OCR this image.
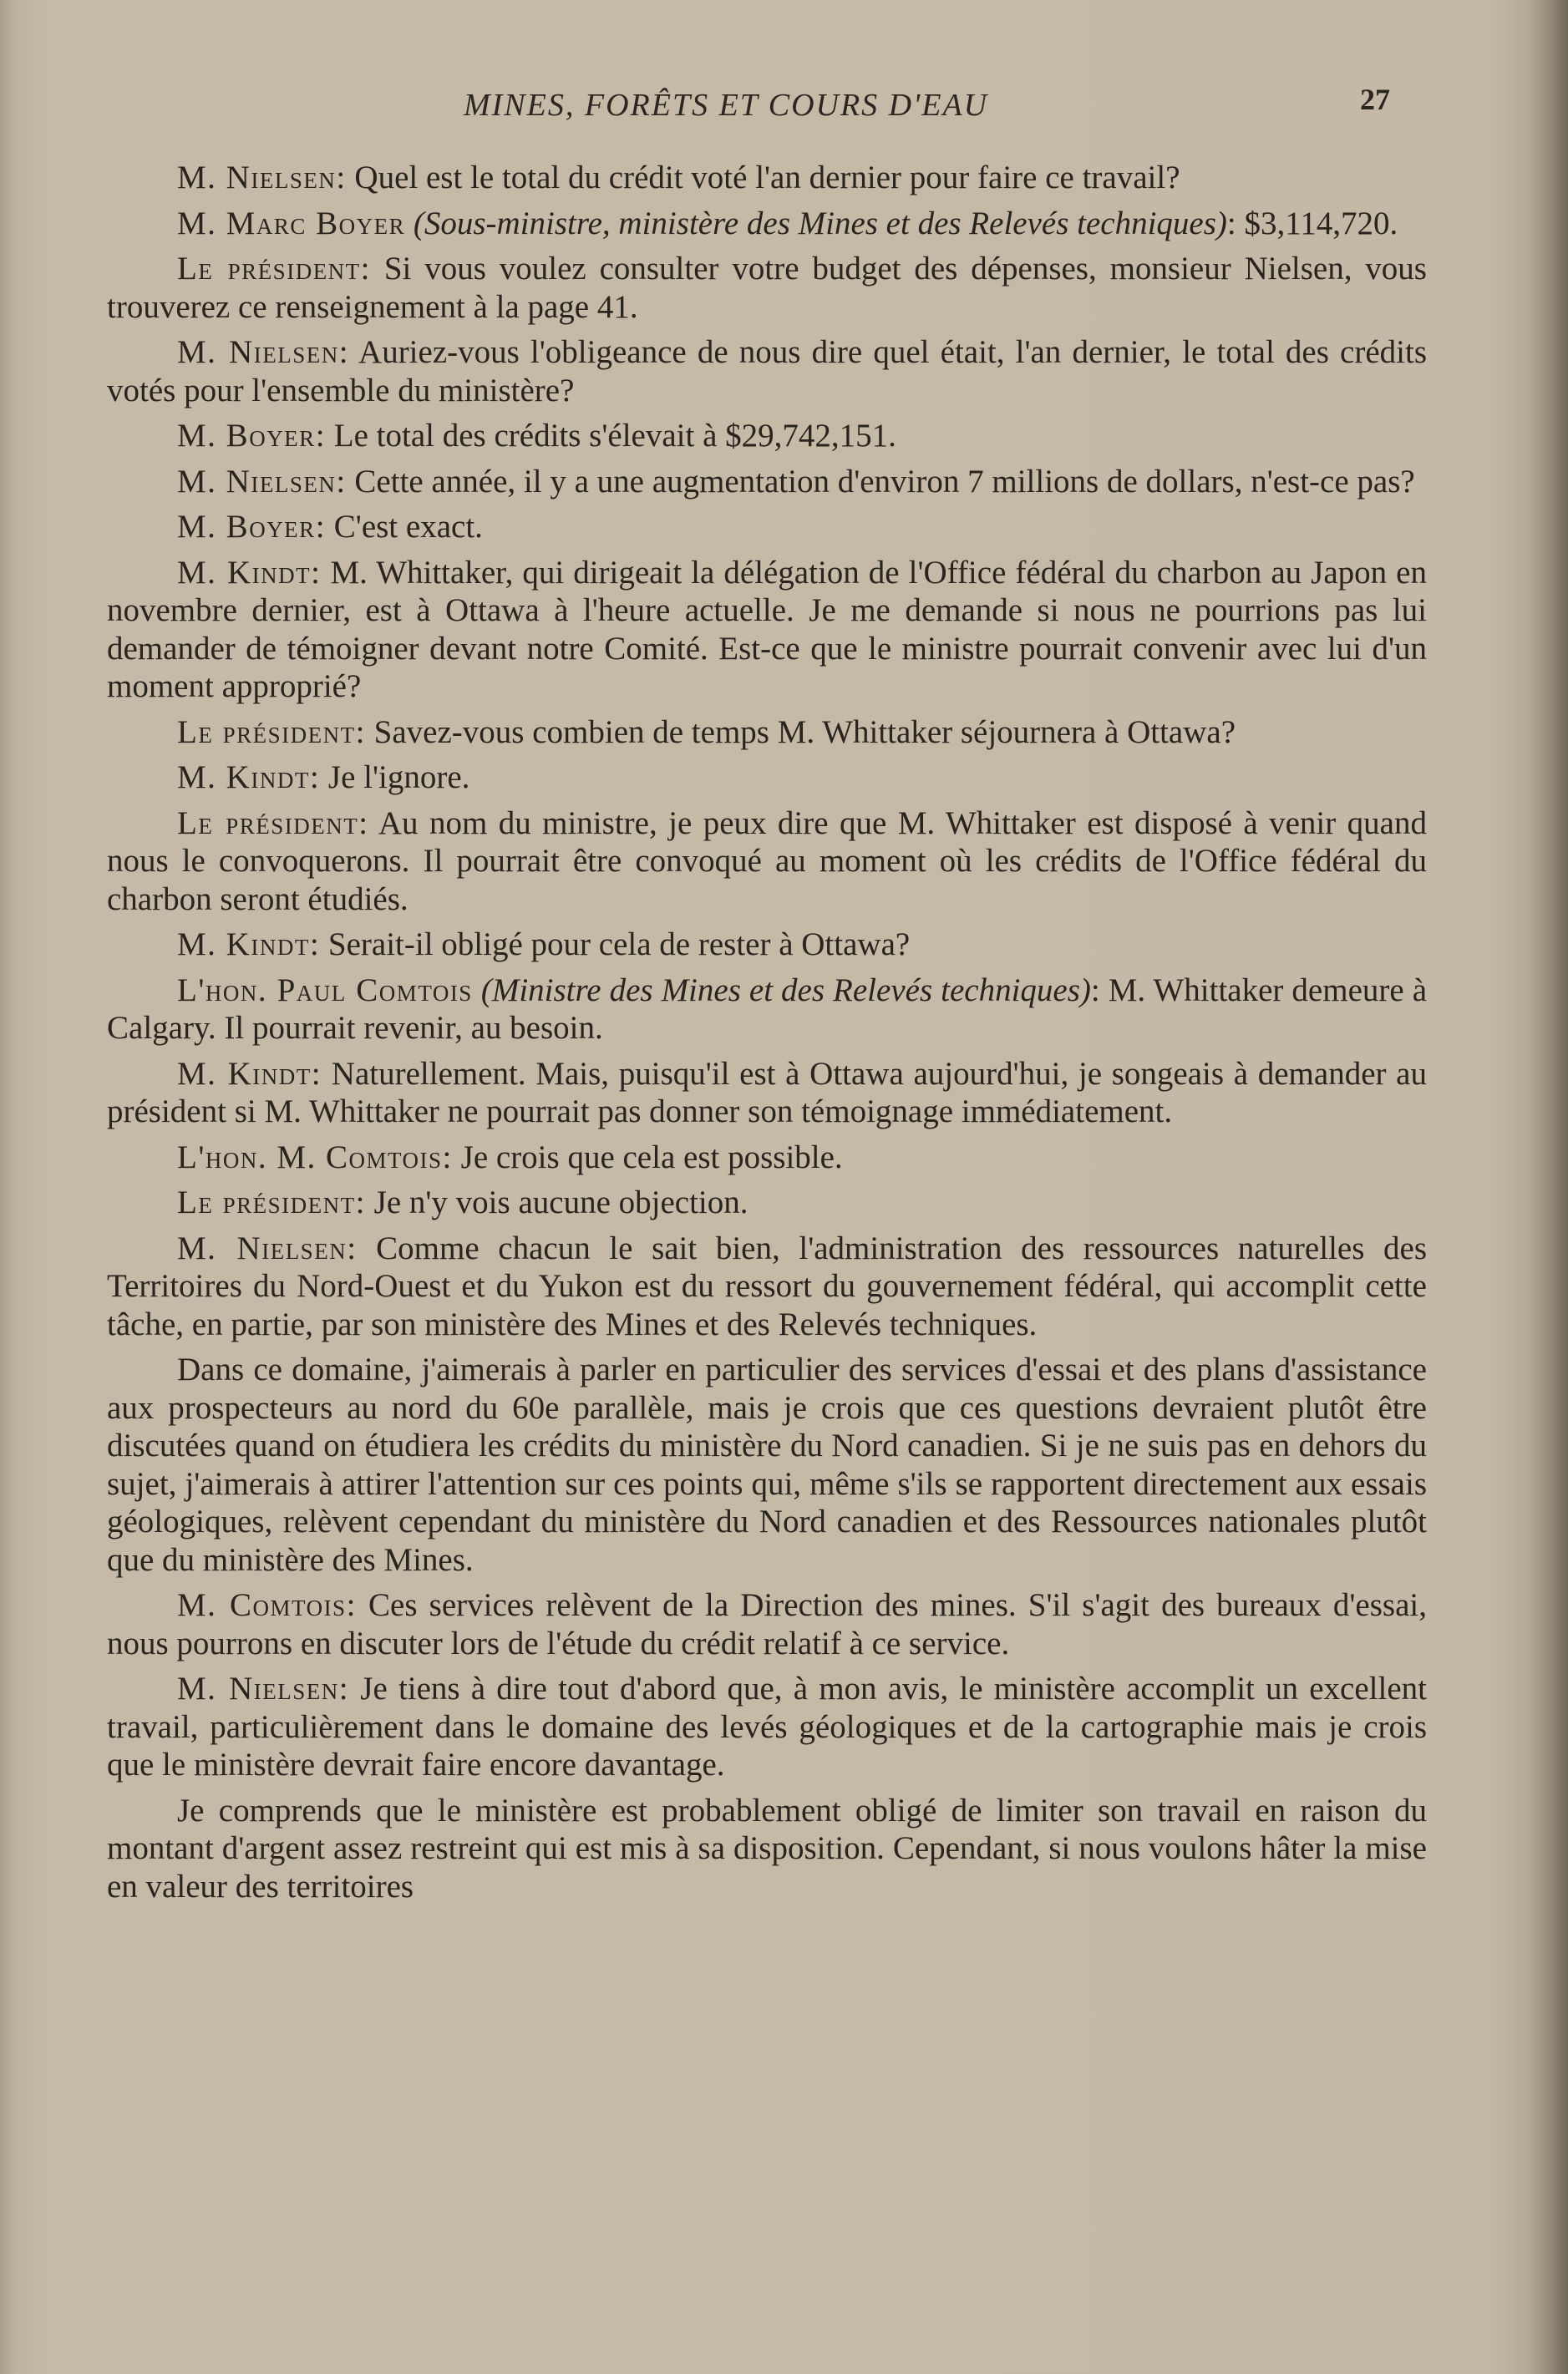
MINES, FORÊTS ET COURS D'EAU	27

M. Nielsen: Quel est le total du crédit voté l'an dernier pour faire ce travail?

M. Marc Boyer (Sous-ministre, ministère des Mines et des Relevés techniques): $3,114,720.

Le président: Si vous voulez consulter votre budget des dépenses, monsieur Nielsen, vous trouverez ce renseignement à la page 41.

M. Nielsen: Auriez-vous l'obligeance de nous dire quel était, l'an dernier, le total des crédits votés pour l'ensemble du ministère?

M. Boyer: Le total des crédits s'élevait à $29,742,151.

M. Nielsen: Cette année, il y a une augmentation d'environ 7 millions de dollars, n'est-ce pas?

M. Boyer: C'est exact.

M. Kindt: M. Whittaker, qui dirigeait la délégation de l'Office fédéral du charbon au Japon en novembre dernier, est à Ottawa à l'heure actuelle. Je me demande si nous ne pourrions pas lui demander de témoigner devant notre Comité. Est-ce que le ministre pourrait convenir avec lui d'un moment approprié?

Le président: Savez-vous combien de temps M. Whittaker séjournera à Ottawa?

M. Kindt: Je l'ignore.

Le président: Au nom du ministre, je peux dire que M. Whittaker est disposé à venir quand nous le convoquerons. Il pourrait être convoqué au moment où les crédits de l'Office fédéral du charbon seront étudiés.

M. Kindt: Serait-il obligé pour cela de rester à Ottawa?

L'hon. Paul Comtois (Ministre des Mines et des Relevés techniques): M. Whittaker demeure à Calgary. Il pourrait revenir, au besoin.

M. Kindt: Naturellement. Mais, puisqu'il est à Ottawa aujourd'hui, je songeais à demander au président si M. Whittaker ne pourrait pas donner son témoignage immédiatement.

L'hon. M. Comtois: Je crois que cela est possible.

Le président: Je n'y vois aucune objection.

M. Nielsen: Comme chacun le sait bien, l'administration des ressources naturelles des Territoires du Nord-Ouest et du Yukon est du ressort du gouvernement fédéral, qui accomplit cette tâche, en partie, par son ministère des Mines et des Relevés techniques.

Dans ce domaine, j'aimerais à parler en particulier des services d'essai et des plans d'assistance aux prospecteurs au nord du 60e parallèle, mais je crois que ces questions devraient plutôt être discutées quand on étudiera les crédits du ministère du Nord canadien. Si je ne suis pas en dehors du sujet, j'aimerais à attirer l'attention sur ces points qui, même s'ils se rapportent directement aux essais géologiques, relèvent cependant du ministère du Nord canadien et des Ressources nationales plutôt que du ministère des Mines.

M. Comtois: Ces services relèvent de la Direction des mines. S'il s'agit des bureaux d'essai, nous pourrons en discuter lors de l'étude du crédit relatif à ce service.

M. Nielsen: Je tiens à dire tout d'abord que, à mon avis, le ministère accomplit un excellent travail, particulièrement dans le domaine des levés géologiques et de la cartographie mais je crois que le ministère devrait faire encore davantage.

Je comprends que le ministère est probablement obligé de limiter son travail en raison du montant d'argent assez restreint qui est mis à sa disposition. Cependant, si nous voulons hâter la mise en valeur des territoires
